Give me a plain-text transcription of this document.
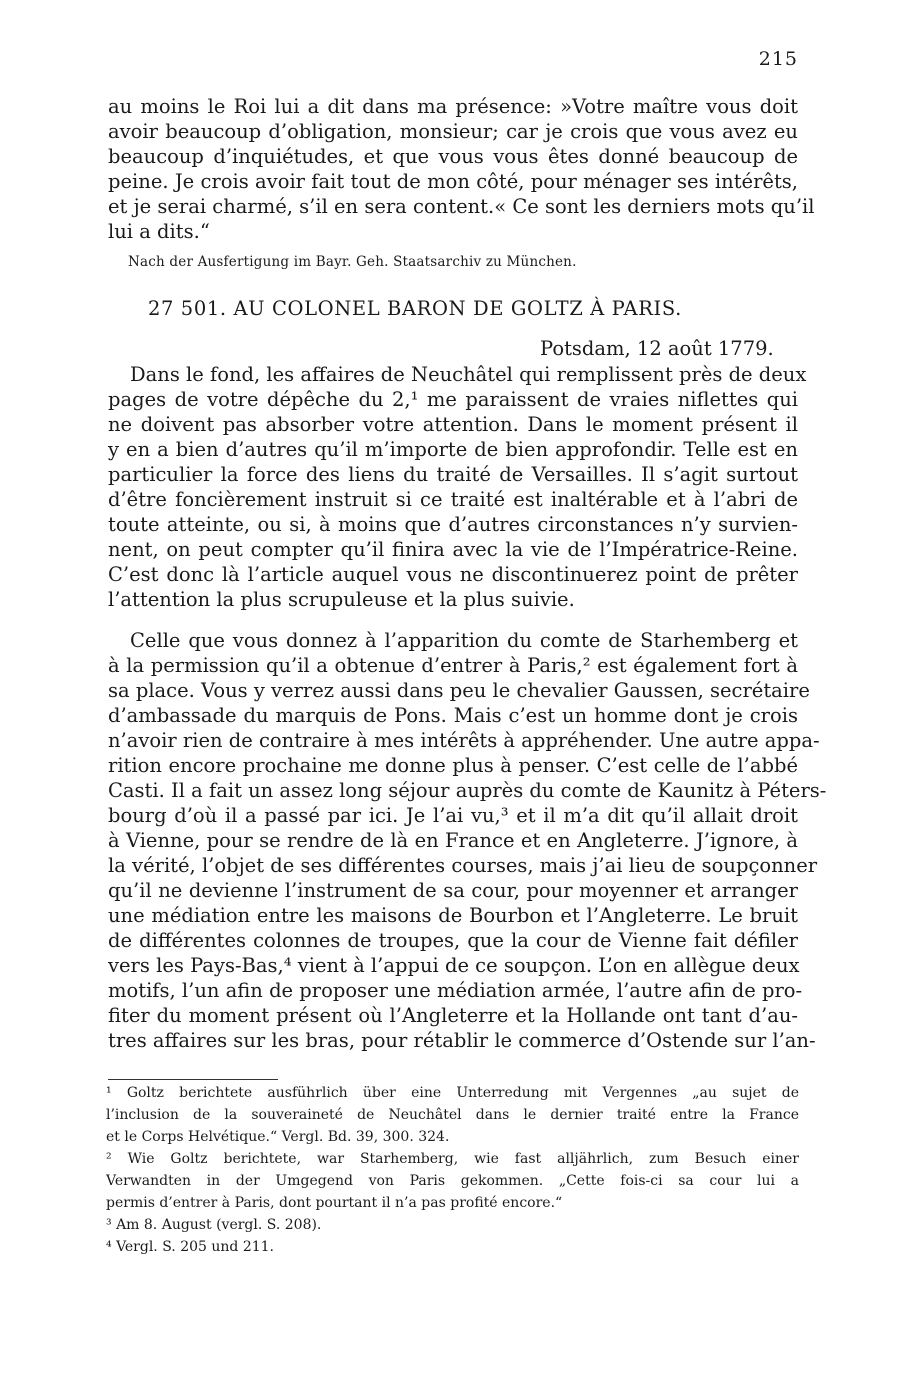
215
au moins le Roi lui a dit dans ma présence: »Votre maître vous doit
avoir beaucoup d’obligation, monsieur; car je crois que vous avez eu
beaucoup d’inquiétudes, et que vous vous êtes donné beaucoup de
peine. Je crois avoir fait tout de mon côté, pour ménager ses intérêts,
et je serai charmé, s’il en sera content.« Ce sont les derniers mots qu’il
lui a dits.“
Nach der Ausfertigung im Bayr. Geh. Staatsarchiv zu München.
27 501. AU COLONEL BARON DE GOLTZ À PARIS.
Potsdam, 12 août 1779.
Dans le fond, les affaires de Neuchâtel qui remplissent près de deux
pages de votre dépêche du 2,¹ me paraissent de vraies niflettes qui
ne doivent pas absorber votre attention. Dans le moment présent il
y en a bien d’autres qu’il m’importe de bien approfondir. Telle est en
particulier la force des liens du traité de Versailles. Il s’agit surtout
d’être foncièrement instruit si ce traité est inaltérable et à l’abri de
toute atteinte, ou si, à moins que d’autres circonstances n’y survien-
nent, on peut compter qu’il finira avec la vie de l’Impératrice-Reine.
C’est donc là l’article auquel vous ne discontinuerez point de prêter
l’attention la plus scrupuleuse et la plus suivie.
Celle que vous donnez à l’apparition du comte de Starhemberg et
à la permission qu’il a obtenue d’entrer à Paris,² est également fort à
sa place. Vous y verrez aussi dans peu le chevalier Gaussen, secrétaire
d’ambassade du marquis de Pons. Mais c’est un homme dont je crois
n’avoir rien de contraire à mes intérêts à appréhender. Une autre appa-
rition encore prochaine me donne plus à penser. C’est celle de l’abbé
Casti. Il a fait un assez long séjour auprès du comte de Kaunitz à Péters-
bourg d’où il a passé par ici. Je l’ai vu,³ et il m’a dit qu’il allait droit
à Vienne, pour se rendre de là en France et en Angleterre. J’ignore, à
la vérité, l’objet de ses différentes courses, mais j’ai lieu de soupçonner
qu’il ne devienne l’instrument de sa cour, pour moyenner et arranger
une médiation entre les maisons de Bourbon et l’Angleterre. Le bruit
de différentes colonnes de troupes, que la cour de Vienne fait défiler
vers les Pays-Bas,⁴ vient à l’appui de ce soupçon. L’on en allègue deux
motifs, l’un afin de proposer une médiation armée, l’autre afin de pro-
fiter du moment présent où l’Angleterre et la Hollande ont tant d’au-
tres affaires sur les bras, pour rétablir le commerce d’Ostende sur l’an-
¹ Goltz berichtete ausführlich über eine Unterredung mit Vergennes „au sujet de
l’inclusion de la souveraineté de Neuchâtel dans le dernier traité entre la France
et le Corps Helvétique.“ Vergl. Bd. 39, 300. 324.
² Wie Goltz berichtete, war Starhemberg, wie fast alljährlich, zum Besuch einer
Verwandten in der Umgegend von Paris gekommen. „Cette fois-ci sa cour lui a
permis d’entrer à Paris, dont pourtant il n’a pas profité encore.“
³ Am 8. August (vergl. S. 208).
⁴ Vergl. S. 205 und 211.
